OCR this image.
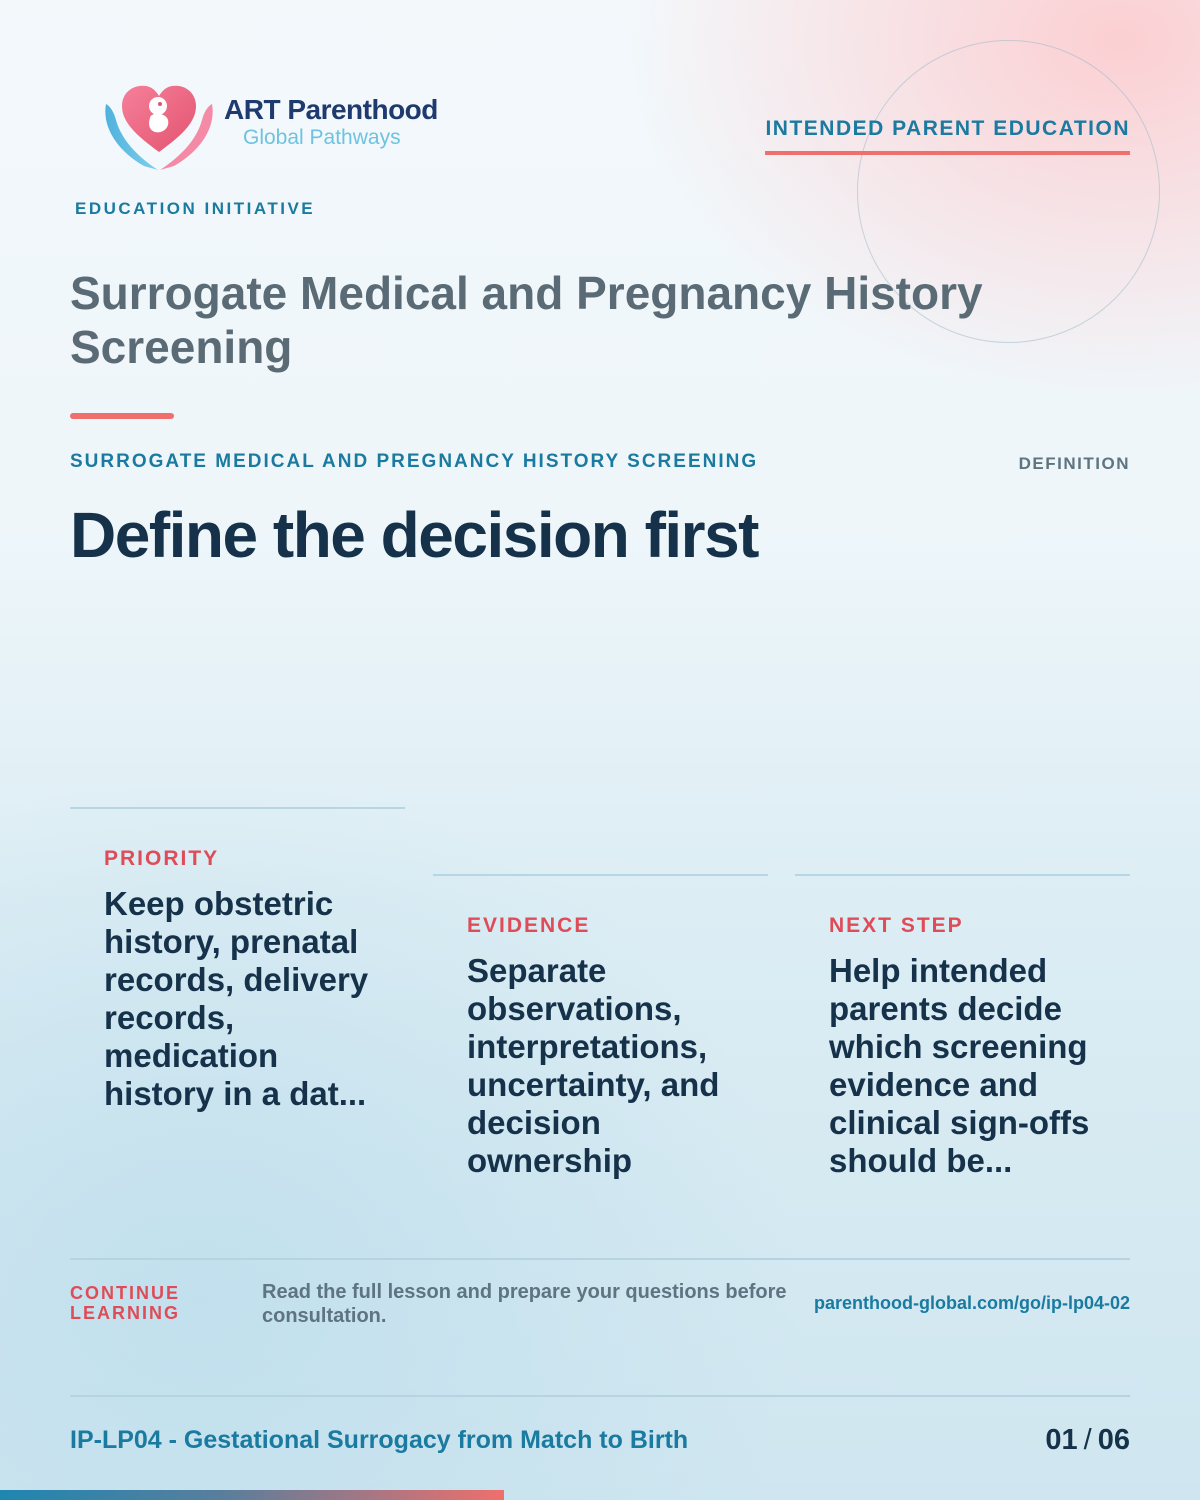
ART Parenthood
Global Pathways
EDUCATION INITIATIVE
INTENDED PARENT EDUCATION
Surrogate Medical and Pregnancy History Screening
SURROGATE MEDICAL AND PREGNANCY HISTORY SCREENING	DEFINITION
Define the decision first
PRIORITY
Keep obstetric history, prenatal records, delivery records, medication history in a dat...
EVIDENCE
Separate observations, interpretations, uncertainty, and decision ownership
NEXT STEP
Help intended parents decide which screening evidence and clinical sign-offs should be...
CONTINUE LEARNING
Read the full lesson and prepare your questions before consultation.
parenthood-global.com/go/ip-lp04-02
IP-LP04 - Gestational Surrogacy from Match to Birth	01 / 06
